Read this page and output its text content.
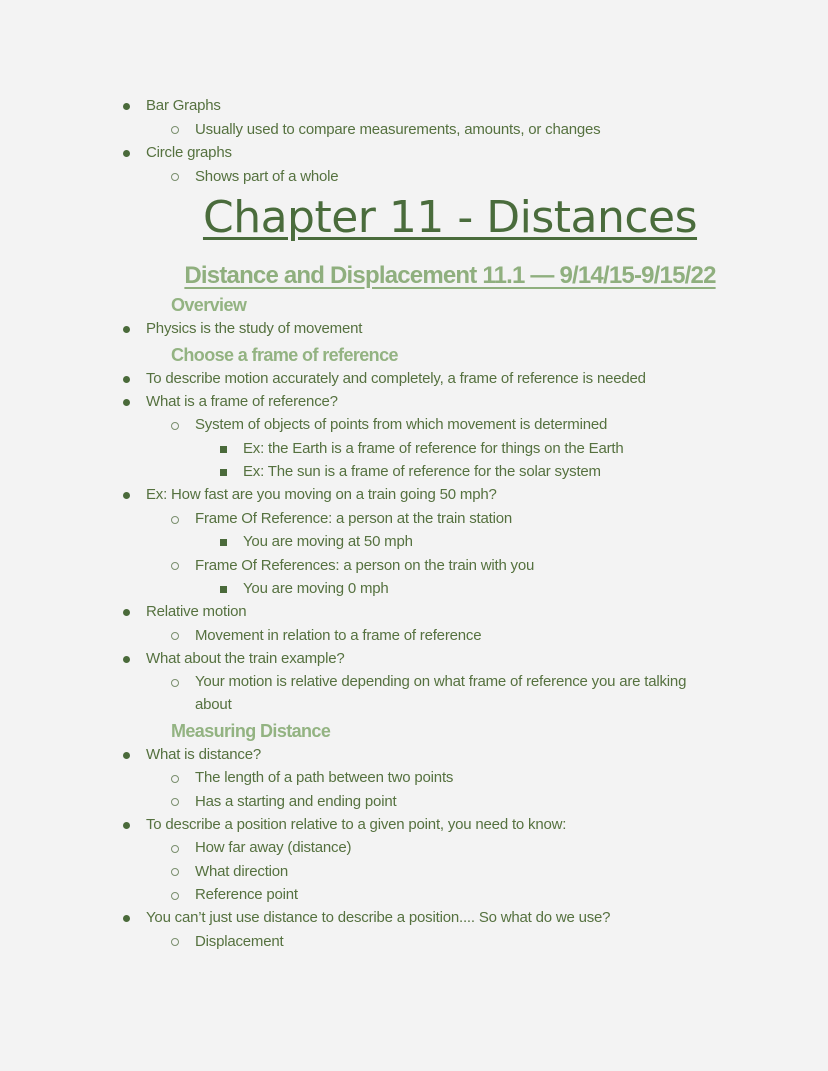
Bar Graphs
Usually used to compare measurements, amounts, or changes
Circle graphs
Shows part of a whole
Chapter 11 - Distances
Distance and Displacement 11.1 — 9/14/15-9/15/22
Overview
Physics is the study of movement
Choose a frame of reference
To describe motion accurately and completely, a frame of reference is needed
What is a frame of reference?
System of objects of points from which movement is determined
Ex: the Earth is a frame of reference for things on the Earth
Ex: The sun is a frame of reference for the solar system
Ex: How fast are you moving on a train going 50 mph?
Frame Of Reference: a person at the train station
You are moving at 50 mph
Frame Of References: a person on the train with you
You are moving 0 mph
Relative motion
Movement in relation to a frame of reference
What about the train example?
Your motion is relative depending on what frame of reference you are talking
about
Measuring Distance
What is distance?
The length of a path between two points
Has a starting and ending point
To describe a position relative to a given point, you need to know:
How far away (distance)
What direction
Reference point
You can’t just use distance to describe a position.... So what do we use?
Displacement
